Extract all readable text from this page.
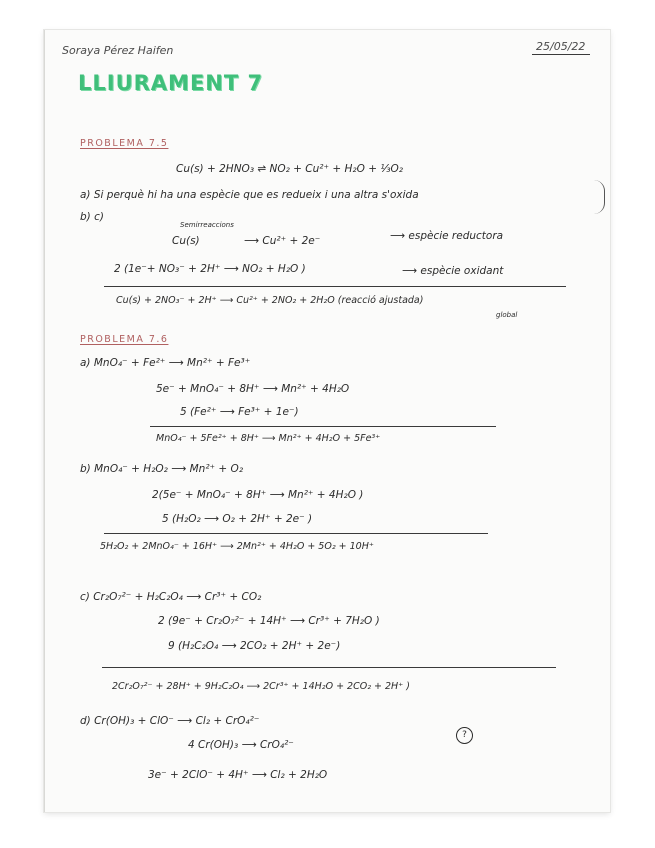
Soraya Pérez Haifen	25/05/22
LLIURAMENT 7
PROBLEMA 7.5
Cu(s) + 2HNO₃ ⇌ NO₂ + Cu²⁺ + H₂O + ⅓O₂
a) Si perquè hi ha una espècie que es redueix i una altra s'oxida
b) c)
Semirreaccions
Cu(s)	⟶ Cu²⁺ + 2e⁻	⟶ espècie reductora
2 (1e⁻+ NO₃⁻ + 2H⁺ ⟶ NO₂ + H₂O )	⟶ espècie oxidant
Cu(s) + 2NO₃⁻ + 2H⁺ ⟶ Cu²⁺ + 2NO₂ + 2H₂O (reacció ajustada)
global
PROBLEMA 7.6
a) MnO₄⁻ + Fe²⁺ ⟶ Mn²⁺ + Fe³⁺
5e⁻ + MnO₄⁻ + 8H⁺ ⟶ Mn²⁺ + 4H₂O
5 (Fe²⁺ ⟶ Fe³⁺ + 1e⁻)
MnO₄⁻ + 5Fe²⁺ + 8H⁺ ⟶ Mn²⁺ + 4H₂O + 5Fe³⁺
b) MnO₄⁻ + H₂O₂ ⟶ Mn²⁺ + O₂
2(5e⁻ + MnO₄⁻ + 8H⁺ ⟶ Mn²⁺ + 4H₂O )
5 (H₂O₂ ⟶ O₂ + 2H⁺ + 2e⁻ )
5H₂O₂ + 2MnO₄⁻ + 16H⁺ ⟶ 2Mn²⁺ + 4H₂O + 5O₂ + 10H⁺
c) Cr₂O₇²⁻ + H₂C₂O₄ ⟶ Cr³⁺ + CO₂
2 (9e⁻ + Cr₂O₇²⁻ + 14H⁺ ⟶ Cr³⁺ + 7H₂O )
9 (H₂C₂O₄ ⟶ 2CO₂ + 2H⁺ + 2e⁻)
2Cr₂O₇²⁻ + 28H⁺ + 9H₂C₂O₄ ⟶ 2Cr³⁺ + 14H₂O + 2CO₂ + 2H⁺ )
d) Cr(OH)₃ + ClO⁻ ⟶ Cl₂ + CrO₄²⁻
4 Cr(OH)₃ ⟶ CrO₄²⁻
?
3e⁻ + 2ClO⁻ + 4H⁺ ⟶ Cl₂ + 2H₂O
